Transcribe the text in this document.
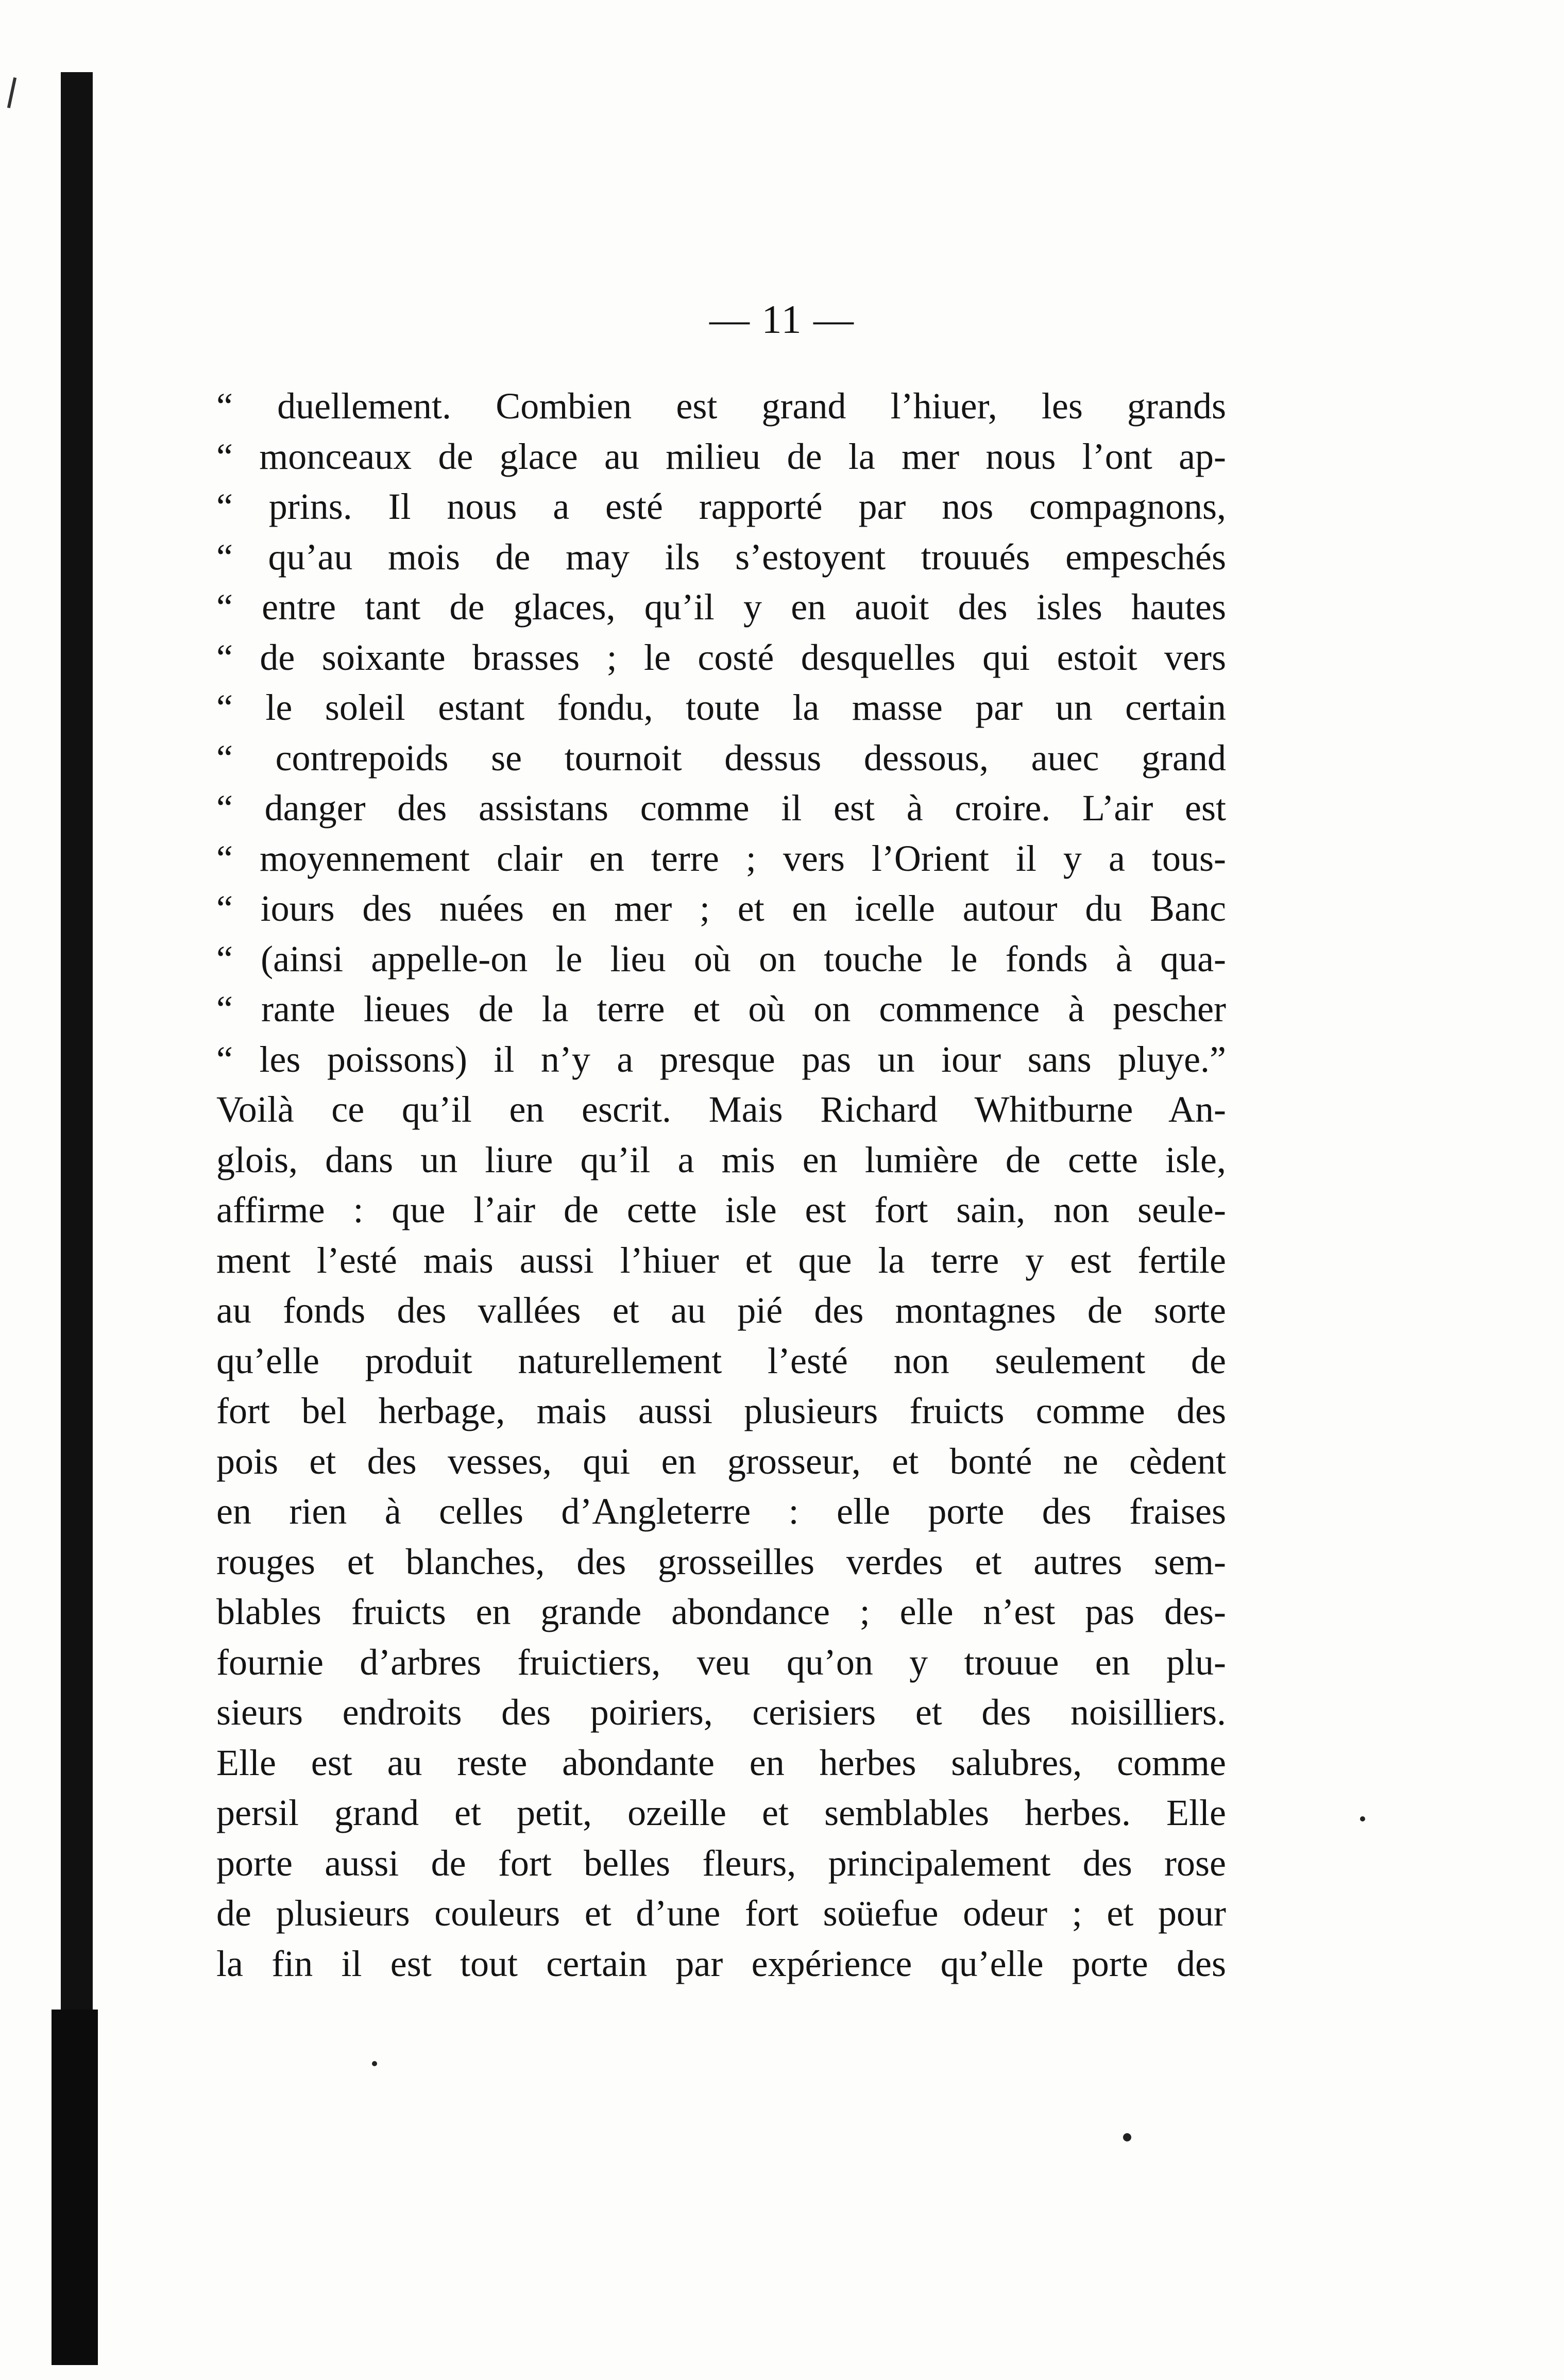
— 11 —
“ duellement. Combien est grand l’hiuer, les grands
“ monceaux de glace au milieu de la mer nous l’ont ap-
“ prins. Il nous a esté rapporté par nos compagnons,
“ qu’au mois de may ils s’estoyent trouués empeschés
“ entre tant de glaces, qu’il y en auoit des isles hautes
“ de soixante brasses ; le costé desquelles qui estoit vers
“ le soleil estant fondu, toute la masse par un certain
“ contrepoids se tournoit dessus dessous, auec grand
“ danger des assistans comme il est à croire. L’air est
“ moyennement clair en terre ; vers l’Orient il y a tous-
“ iours des nuées en mer ; et en icelle autour du Banc
“ (ainsi appelle-on le lieu où on touche le fonds à qua-
“ rante lieues de la terre et où on commence à pescher
“ les poissons) il n’y a presque pas un iour sans pluye.”
Voilà ce qu’il en escrit. Mais Richard Whitburne An-
glois, dans un liure qu’il a mis en lumière de cette isle,
affirme : que l’air de cette isle est fort sain, non seule-
ment l’esté mais aussi l’hiuer et que la terre y est fertile
au fonds des vallées et au pié des montagnes de sorte
qu’elle produit naturellement l’esté non seulement de
fort bel herbage, mais aussi plusieurs fruicts comme des
pois et des vesses, qui en grosseur, et bonté ne cèdent
en rien à celles d’Angleterre : elle porte des fraises
rouges et blanches, des grosseilles verdes et autres sem-
blables fruicts en grande abondance ; elle n’est pas des-
fournie d’arbres fruictiers, veu qu’on y trouue en plu-
sieurs endroits des poiriers, cerisiers et des noisilliers.
Elle est au reste abondante en herbes salubres, comme
persil grand et petit, ozeille et semblables herbes. Elle
porte aussi de fort belles fleurs, principalement des rose
de plusieurs couleurs et d’une fort soüefue odeur ; et pour
la fin il est tout certain par expérience qu’elle porte des
